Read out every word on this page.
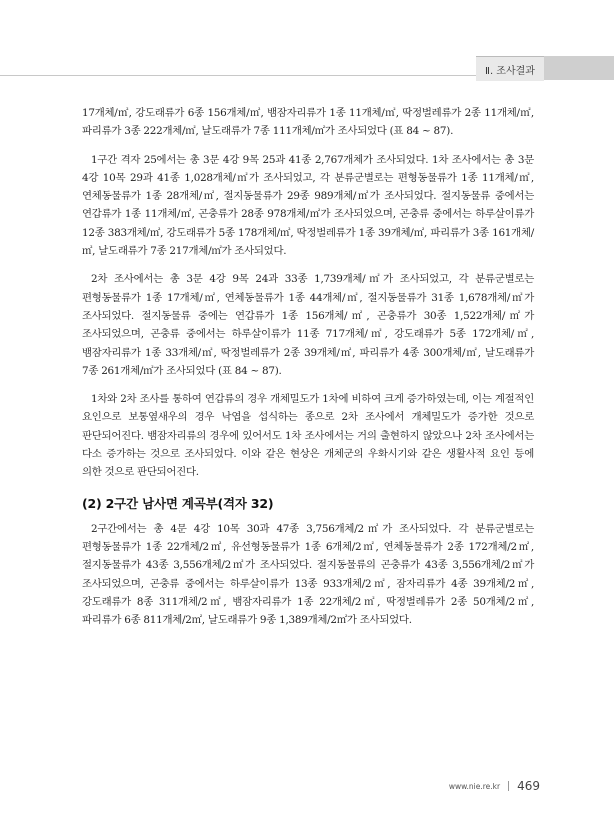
Ⅱ. 조사결과

17개체/㎡, 강도래류가 6종 156개체/㎡, 뱀잠자리류가 1종 11개체/㎡, 딱정벌레류가 2종 11개체/㎡, 파리류가 3종 222개체/㎡, 날도래류가 7종 111개체/㎡가 조사되었다 (표 84 ~ 87).

1구간 격자 25에서는 총 3문 4강 9목 25과 41종 2,767개체가 조사되었다. 1차 조사에서는 총 3문 4강 10목 29과 41종 1,028개체/㎡가 조사되었고, 각 분류군별로는 편형동물류가 1종 11개체/㎡, 연체동물류가 1종 28개체/㎡, 절지동물류가 29종 989개체/㎡가 조사되었다. 절지동물류 중에서는 연갑류가 1종 11개체/㎡, 곤충류가 28종 978개체/㎡가 조사되었으며, 곤충류 중에서는 하루살이류가 12종 383개체/㎡, 강도래류가 5종 178개체/㎡, 딱정벌레류가 1종 39개체/㎡, 파리류가 3종 161개체/㎡, 날도래류가 7종 217개체/㎡가 조사되었다.

2차 조사에서는 총 3문 4강 9목 24과 33종 1,739개체/㎡가 조사되었고, 각 분류군별로는 편형동물류가 1종 17개체/㎡, 연체동물류가 1종 44개체/㎡, 절지동물류가 31종 1,678개체/㎡가 조사되었다. 절지동물류 중에는 연갑류가 1종 156개체/㎡, 곤충류가 30종 1,522개체/㎡가 조사되었으며, 곤충류 중에서는 하루살이류가 11종 717개체/㎡, 강도래류가 5종 172개체/㎡, 뱀잠자리류가 1종 33개체/㎡, 딱정벌레류가 2종 39개체/㎡, 파리류가 4종 300개체/㎡, 날도래류가 7종 261개체/㎡가 조사되었다 (표 84 ~ 87).

1차와 2차 조사를 통하여 연갑류의 경우 개체밀도가 1차에 비하여 크게 증가하였는데, 이는 계절적인 요인으로 보통옆새우의 경우 낙엽을 섭식하는 종으로 2차 조사에서 개체밀도가 증가한 것으로 판단되어진다. 뱀잠자리류의 경우에 있어서도 1차 조사에서는 거의 출현하지 않았으나 2차 조사에서는 다소 증가하는 것으로 조사되었다. 이와 같은 현상은 개체군의 우화시기와 같은 생활사적 요인 등에 의한 것으로 판단되어진다.

(2) 2구간 남사면 계곡부(격자 32)

2구간에서는 총 4문 4강 10목 30과 47종 3,756개체/2㎡가 조사되었다. 각 분류군별로는 편형동물류가 1종 22개체/2㎡, 유선형동물류가 1종 6개체/2㎡, 연체동물류가 2종 172개체/2㎡, 절지동물류가 43종 3,556개체/2㎡가 조사되었다. 절지동물류의 곤충류가 43종 3,556개체/2㎡가 조사되었으며, 곤충류 중에서는 하루살이류가 13종 933개체/2㎡, 잠자리류가 4종 39개체/2㎡, 강도래류가 8종 311개체/2㎡, 뱀잠자리류가 1종 22개체/2㎡, 딱정벌레류가 2종 50개체/2㎡, 파리류가 6종 811개체/2㎡, 날도래류가 9종 1,389개체/2㎡가 조사되었다.

www.nie.re.kr 469
